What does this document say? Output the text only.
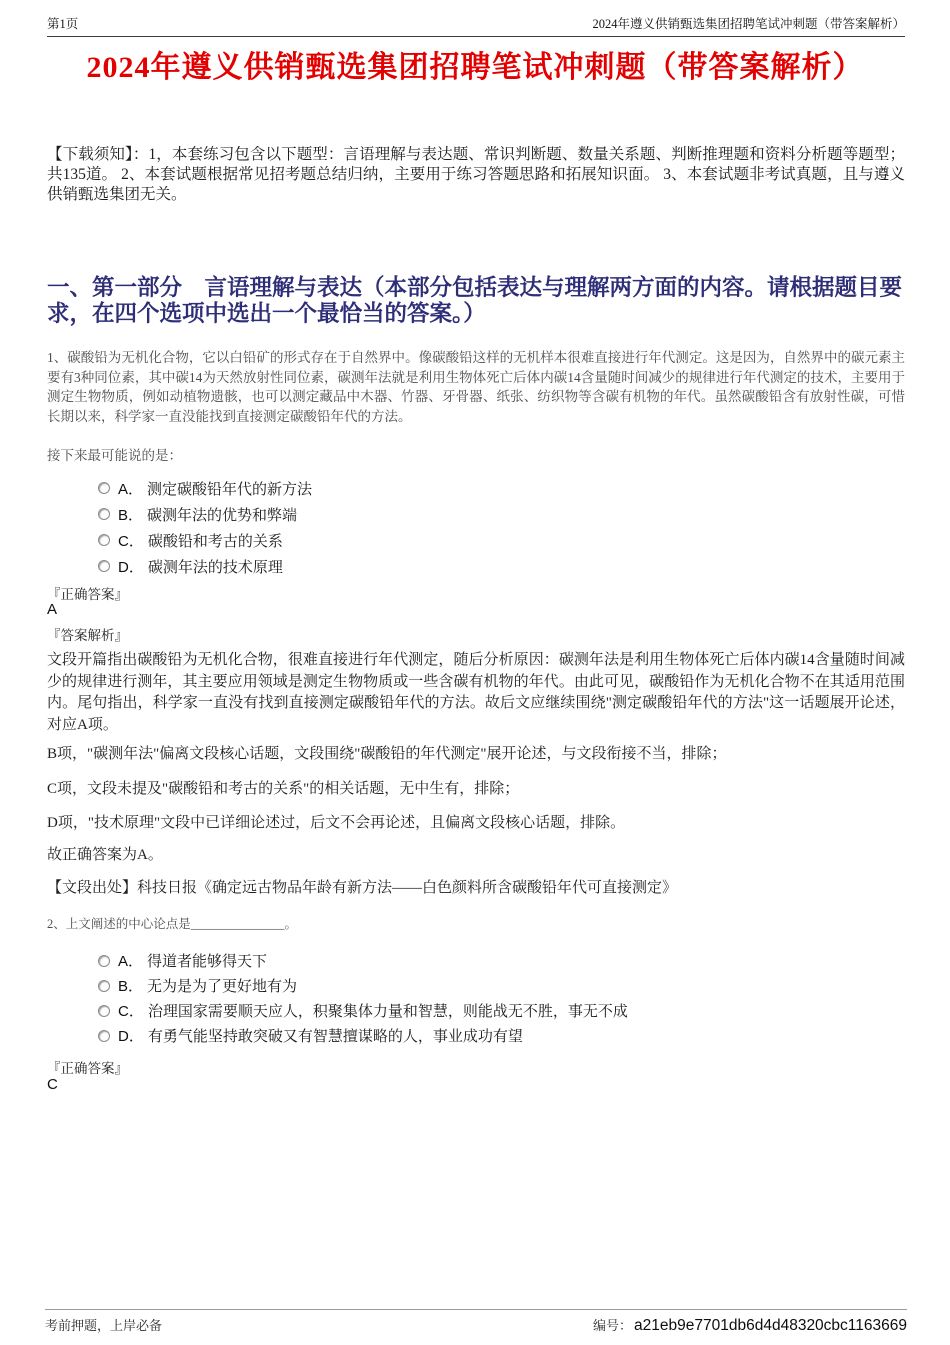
第1页	2024年遵义供销甄选集团招聘笔试冲刺题（带答案解析）
2024年遵义供销甄选集团招聘笔试冲刺题（带答案解析）

【下载须知】：1，本套练习包含以下题型：言语理解与表达题、常识判断题、数量关系题、判断推理题和资料分析题等题型；共135道。 2、本套试题根据常见招考题总结归纳，主要用于练习答题思路和拓展知识面。 3、本套试题非考试真题，且与遵义供销甄选集团无关。

一、第一部分　言语理解与表达（本部分包括表达与理解两方面的内容。请根据题目要求，在四个选项中选出一个最恰当的答案。）

1、碳酸铅为无机化合物，它以白铅矿的形式存在于自然界中。像碳酸铅这样的无机样本很难直接进行年代测定。这是因为，自然界中的碳元素主要有3种同位素，其中碳14为天然放射性同位素，碳测年法就是利用生物体死亡后体内碳14含量随时间减少的规律进行年代测定的技术，主要用于测定生物物质，例如动植物遗骸，也可以测定藏品中木器、竹器、牙骨器、纸张、纺织物等含碳有机物的年代。虽然碳酸铅含有放射性碳，可惜长期以来，科学家一直没能找到直接测定碳酸铅年代的方法。

接下来最可能说的是：

A． 测定碳酸铅年代的新方法
B． 碳测年法的优势和弊端
C． 碳酸铅和考古的关系
D． 碳测年法的技术原理

『正确答案』

A

『答案解析』

文段开篇指出碳酸铅为无机化合物，很难直接进行年代测定，随后分析原因：碳测年法是利用生物体死亡后体内碳14含量随时间减少的规律进行测年，其主要应用领域是测定生物物质或一些含碳有机物的年代。由此可见，碳酸铅作为无机化合物不在其适用范围内。尾句指出，科学家一直没有找到直接测定碳酸铅年代的方法。故后文应继续围绕"测定碳酸铅年代的方法"这一话题展开论述，对应A项。

B项，"碳测年法"偏离文段核心话题，文段围绕"碳酸铅的年代测定"展开论述，与文段衔接不当，排除；

C项，文段未提及"碳酸铅和考古的关系"的相关话题，无中生有，排除；

D项，"技术原理"文段中已详细论述过，后文不会再论述，且偏离文段核心话题，排除。

故正确答案为A。

【文段出处】科技日报《确定远古物品年龄有新方法——白色颜料所含碳酸铅年代可直接测定》

2、上文阐述的中心论点是_______________。

A． 得道者能够得天下
B． 无为是为了更好地有为
C． 治理国家需要顺天应人，积聚集体力量和智慧，则能战无不胜，事无不成
D． 有勇气能坚持敢突破又有智慧擅谋略的人，事业成功有望

『正确答案』

C

考前押题，上岸必备	编号： a21eb9e7701db6d4d48320cbc1163669
